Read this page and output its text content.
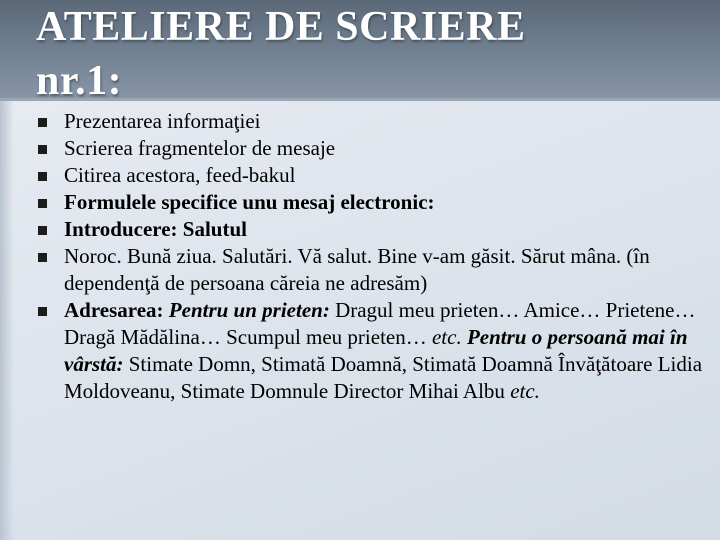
ATELIERE DE SCRIERE
nr.1:
Prezentarea informaţiei
Scrierea fragmentelor de mesaje
Citirea acestora, feed-bakul
Formulele specifice unu mesaj electronic:
Introducere: Salutul
Noroc. Bună ziua. Salutări. Vă salut. Bine v-am găsit. Sărut mâna. (în dependenţă de persoana căreia ne adresăm)
Adresarea: Pentru un prieten: Dragul meu prieten… Amice… Prietene… Dragă Mădălina… Scumpul meu prieten… etc. Pentru o persoană mai în vârstă: Stimate Domn, Stimată Doamnă, Stimată Doamnă Învăţătoare Lidia Moldoveanu, Stimate Domnule Director Mihai Albu etc.
